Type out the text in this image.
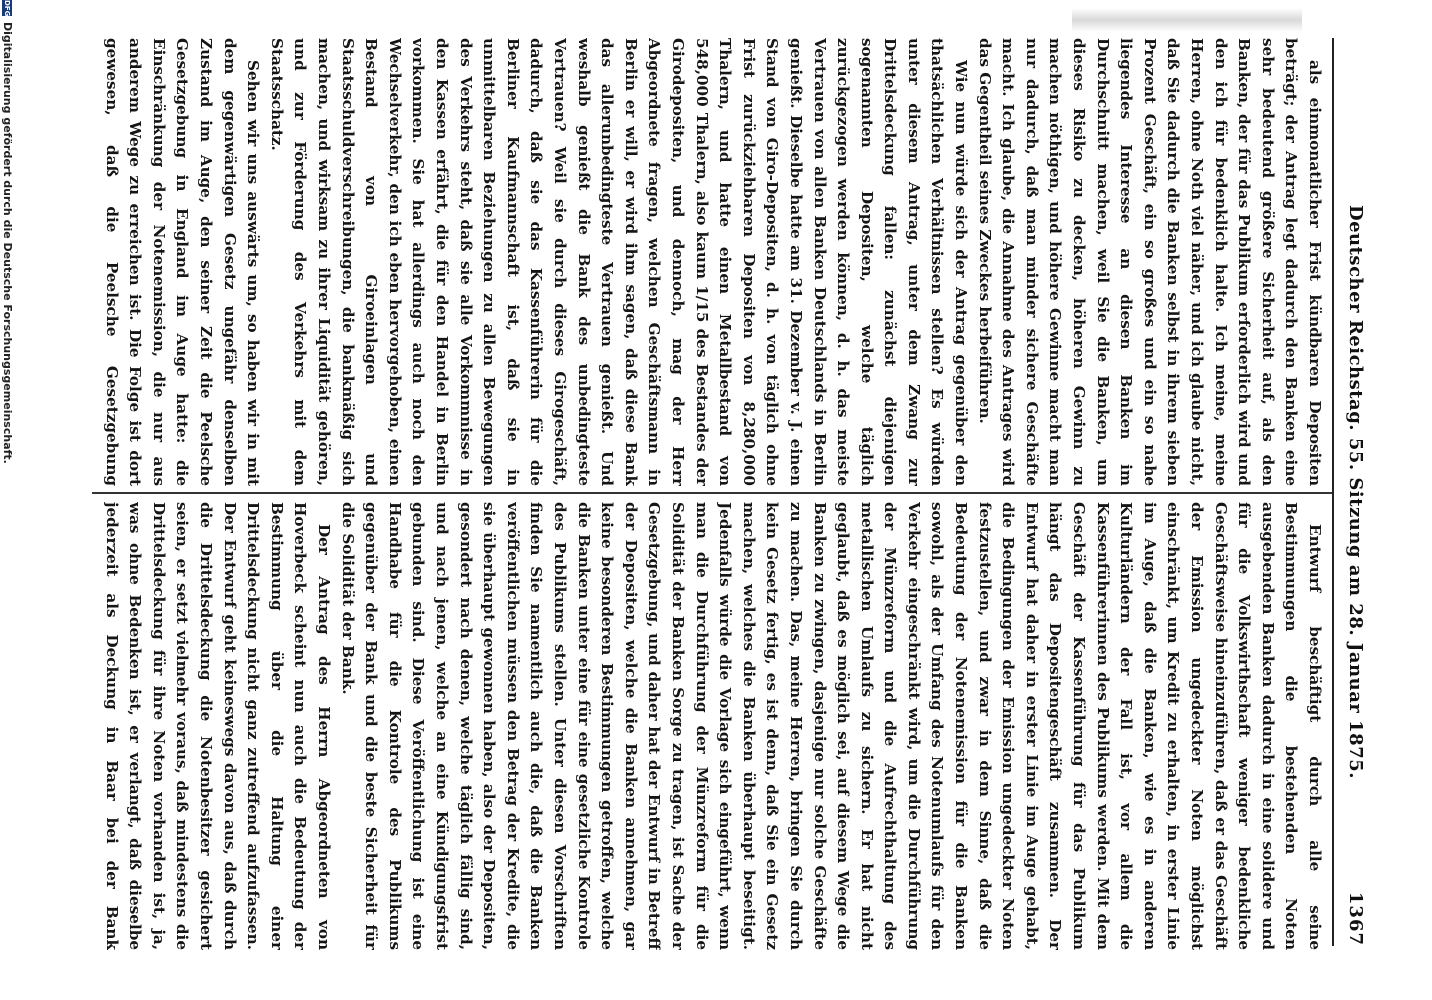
Deutscher Reichstag. 55. Sitzung am 28. Januar 1875.
1367

als einmonatlicher Frist kündbaren Depositen beträgt; der Antrag legt dadurch den Banken eine sehr bedeutend größere Sicherheit auf, als den Banken, der für das Publikum erforderlich wird und den ich für bedenklich halte. Ich meine, meine Herren, ohne Noth viel näher, und ich glaube nicht, daß Sie dadurch die Banken selbst in ihrem sieben Prozent Geschäft, ein so großes und ein so nahe liegendes Interesse an diesen Banken im Durchschnitt machen, weil Sie die Banken, um dieses Risiko zu decken, höheren Gewinn zu machen nöthigen, und höhere Gewinne macht man nur dadurch, daß man minder sichere Geschäfte macht. Ich glaube, die Annahme des Antrages wird das Gegentheil seines Zweckes herbeiführen.

Wie nun würde sich der Antrag gegenüber den thatsächlichen Verhältnissen stellen? Es würden unter diesem Antrag, unter dem Zwang zur Drittelsdeckung fallen: zunächst diejenigen sogenannten Depositen, welche täglich zurückgezogen werden können, d. h. das meiste Vertrauen von allen Banken Deutschlands in Berlin genießt. Dieselbe hatte am 31. Dezember v. J. einen Stand von Giro-Depositen, d. h. von täglich ohne Frist zurückziehbaren Depositen von 8,280,000 Thalern, und hatte einen Metallbestand von 548,000 Thalern, also kaum 1/15 des Bestandes der Girodepositen, und dennoch, mag der Herr Abgeordnete fragen, welchen Geschäftsmann in Berlin er will, er wird ihm sagen, daß diese Bank das allerunbedingteste Vertrauen genießt. Und weshalb genießt die Bank des unbedingteste Vertrauen? Weil sie durch dieses Girogeschäft, dadurch, daß sie das Kassenführerin für die Berliner Kaufmannschaft ist, daß sie in unmittelbaren Beziehungen zu allen Bewegungen des Verkehrs steht, daß sie alle Vorkommnisse in den Kassen erfährt, die für den Handel in Berlin vorkommen. Sie hat allerdings auch noch den Wechselverkehr, den ich eben hervorgehoben, einen Bestand von Giroeinlagen und Staatsschuldverschreibungen, die bankmäßig sich machen, und wirksam zu ihrer Liquidität gehören, und zur Förderung des Verkehrs mit dem Staatsschatz.

Sehen wir uns auswärts um, so haben wir in mit dem gegenwärtigen Gesetz ungefähr denselben Zustand im Auge, den seiner Zeit die Peelsche Gesetzgebung in England im Auge hatte: die Einschränkung der Notenemission, die nur aus anderem Wege zu erreichen ist. Die Folge ist dort gewesen, daß die Peelsche Gesetzgebung

Entwurf beschäftigt durch alle seine Bestimmungen die bestehenden Noten ausgebenden Banken dadurch in eine solidere und für die Volkswirthschaft weniger bedenkliche Geschäftsweise hineinzuführen, daß er das Geschäft der Emission ungedeckter Noten möglichst einschränkt, um Kredit zu erhalten, in erster Linie im Auge, daß die Banken, wie es in anderen Kulturländern der Fall ist, vor allem die Kassenführerinnen des Publikums werden. Mit dem Geschäft der Kassenführung für das Publikum hängt das Depositengeschäft zusammen. Der Entwurf hat daher in erster Linie im Auge gehabt, die Bedingungen der Emission ungedeckter Noten festzustellen, und zwar in dem Sinne, daß die Bedeutung der Notenemission für die Banken sowohl, als der Umfang des Notenumlaufs für den Verkehr eingeschränkt wird, um die Durchführung der Münzreform und die Aufrechthaltung des metallischen Umlaufs zu sichern. Er hat nicht geglaubt, daß es möglich sei, auf diesem Wege die Banken zu zwingen, dasjenige nur solche Geschäfte zu machen. Das, meine Herren, bringen Sie durch kein Gesetz fertig, es ist denn, daß Sie ein Gesetz machen, welches die Banken überhaupt beseitigt. Jedenfalls würde die Vorlage sich eingeführt, wenn man die Durchführung der Münzreform für die Solidität der Banken Sorge zu tragen, ist Sache der Gesetzgebung, und daher hat der Entwurf in Betreff der Depositen, welche die Banken annehmen, gar keine besonderen Bestimmungen getroffen, welche die Banken unter eine für eine gesetzliche Kontrole des Publikums stellen. Unter diesen Vorschriften finden Sie namentlich auch die, daß die Banken veröffentlichen müssen den Betrag der Kredite, die sie überhaupt gewonnen haben, also der Depositen, gesondert nach denen, welche täglich fällig sind, und nach jenen, welche an eine Kündigungsfrist gebunden sind. Diese Veröffentlichung ist eine Handhabe für die Kontrole des Publikums gegenüber der Bank und die beste Sicherheit für die Solidität der Bank.

Der Antrag des Herrn Abgeordneten von Hoverbeck scheint nun auch die Bedeutung der Bestimmung über die Haltung einer Drittelsdeckung nicht ganz zutreffend aufzufassen. Der Entwurf geht keineswegs davon aus, daß durch die Drittelsdeckung die Notenbesitzer gesichert seien, er setzt vielmehr voraus, daß mindestens die Drittelsdeckung für ihre Noten vorhanden ist, ja, was ohne Bedenken ist, er verlangt, daß dieselbe jederzeit als Deckung in Baar bei der Bank

DFGDigitalisierung gefördert durch die Deutsche Forschungsgemeinschaft.
